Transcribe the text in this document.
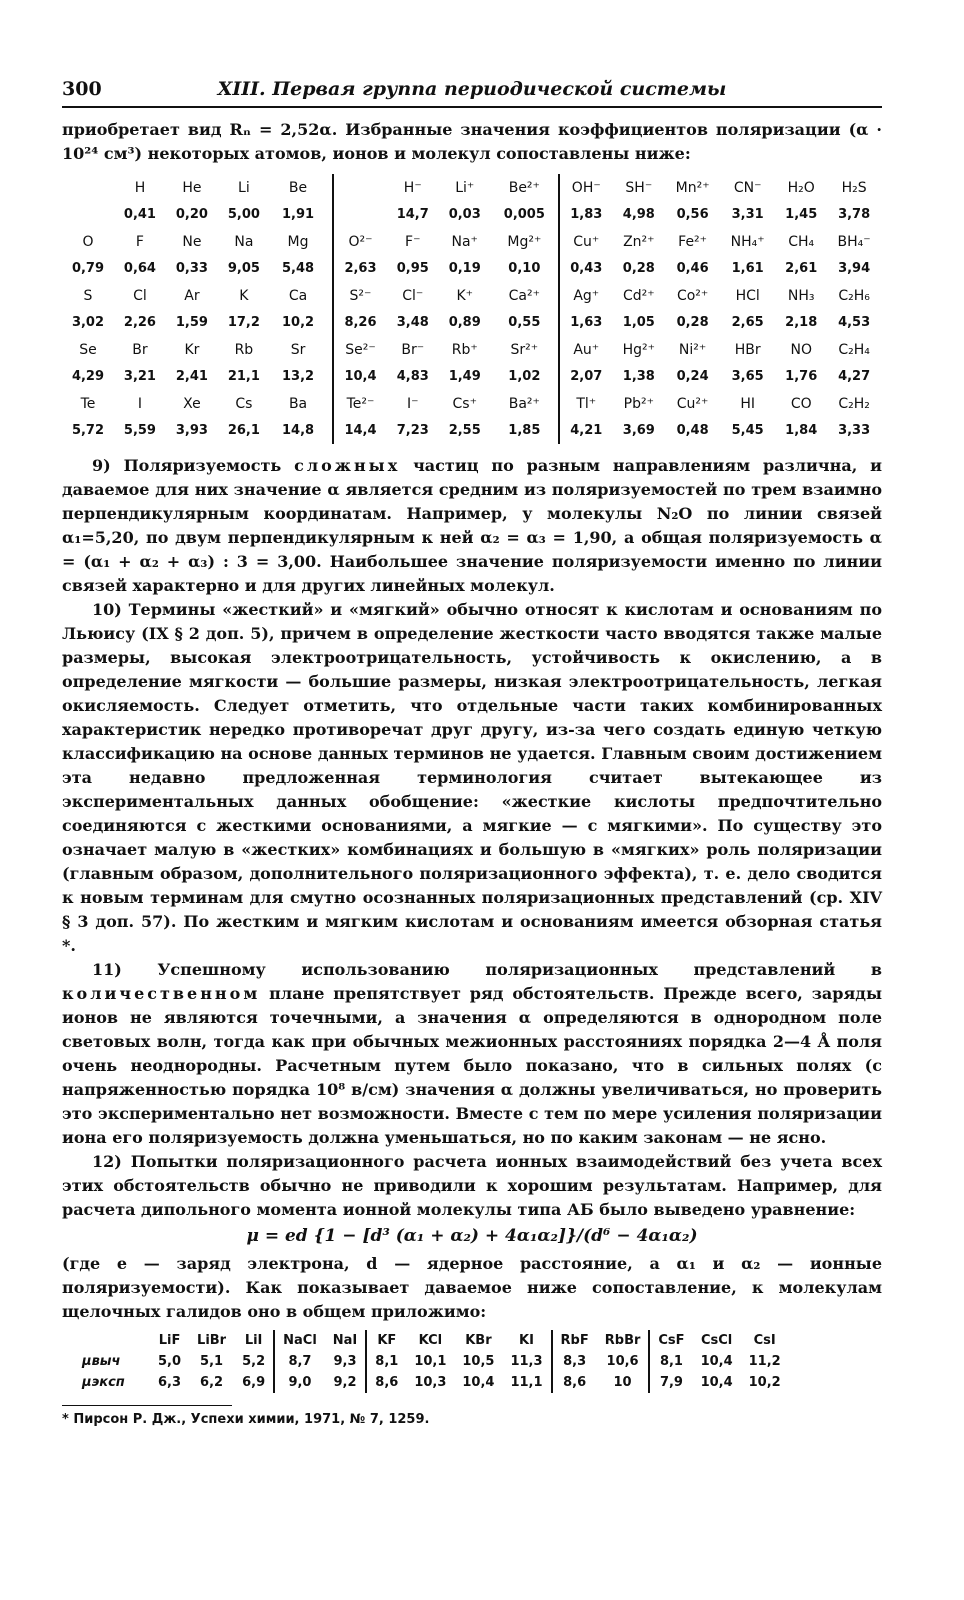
300	XIII. Первая группа периодической системы

приобретает вид Rₙ = 2,52α. Избранные значения коэффициентов поляризации (α · 10²⁴ см³) некоторых атомов, ионов и молекул сопоставлены ниже:

	H	He	Li	Be		H⁻	Li⁺	Be²⁺	OH⁻	SH⁻	Mn²⁺	CN⁻	H₂O	H₂S
	0,41	0,20	5,00	1,91		14,7	0,03	0,005	1,83	4,98	0,56	3,31	1,45	3,78
O	F	Ne	Na	Mg	O²⁻	F⁻	Na⁺	Mg²⁺	Cu⁺	Zn²⁺	Fe²⁺	NH₄⁺	CH₄	BH₄⁻
0,79	0,64	0,33	9,05	5,48	2,63	0,95	0,19	0,10	0,43	0,28	0,46	1,61	2,61	3,94
S	Cl	Ar	K	Ca	S²⁻	Cl⁻	K⁺	Ca²⁺	Ag⁺	Cd²⁺	Co²⁺	HCl	NH₃	C₂H₆
3,02	2,26	1,59	17,2	10,2	8,26	3,48	0,89	0,55	1,63	1,05	0,28	2,65	2,18	4,53
Se	Br	Kr	Rb	Sr	Se²⁻	Br⁻	Rb⁺	Sr²⁺	Au⁺	Hg²⁺	Ni²⁺	HBr	NO	C₂H₄
4,29	3,21	2,41	21,1	13,2	10,4	4,83	1,49	1,02	2,07	1,38	0,24	3,65	1,76	4,27
Te	I	Xe	Cs	Ba	Te²⁻	I⁻	Cs⁺	Ba²⁺	Tl⁺	Pb²⁺	Cu²⁺	HI	CO	C₂H₂
5,72	5,59	3,93	26,1	14,8	14,4	7,23	2,55	1,85	4,21	3,69	0,48	5,45	1,84	3,33

9) Поляризуемость сложных частиц по разным направлениям различна, и даваемое для них значение α является средним из поляризуемостей по трем взаимно перпендикулярным координатам. Например, у молекулы N₂O по линии связей α₁=5,20, по двум перпендикулярным к ней α₂ = α₃ = 1,90, а общая поляризуемость α = (α₁ + α₂ + α₃) : 3 = 3,00. Наибольшее значение поляризуемости именно по линии связей характерно и для других линейных молекул.

10) Термины «жесткий» и «мягкий» обычно относят к кислотам и основаниям по Льюису (IX § 2 доп. 5), причем в определение жесткости часто вводятся также малые размеры, высокая электроотрицательность, устойчивость к окислению, а в определение мягкости — большие размеры, низкая электроотрицательность, легкая окисляемость. Следует отметить, что отдельные части таких комбинированных характеристик нередко противоречат друг другу, из-за чего создать единую четкую классификацию на основе данных терминов не удается. Главным своим достижением эта недавно предложенная терминология считает вытекающее из экспериментальных данных обобщение: «жесткие кислоты предпочтительно соединяются с жесткими основаниями, а мягкие — с мягкими». По существу это означает малую в «жестких» комбинациях и большую в «мягких» роль поляризации (главным образом, дополнительного поляризационного эффекта), т. е. дело сводится к новым терминам для смутно осознанных поляризационных представлений (ср. XIV § 3 доп. 57). По жестким и мягким кислотам и основаниям имеется обзорная статья *.

11) Успешному использованию поляризационных представлений в количественном плане препятствует ряд обстоятельств. Прежде всего, заряды ионов не являются точечными, а значения α определяются в однородном поле световых волн, тогда как при обычных межионных расстояниях порядка 2—4 Å поля очень неоднородны. Расчетным путем было показано, что в сильных полях (с напряженностью порядка 10⁸ в/см) значения α должны увеличиваться, но проверить это экспериментально нет возможности. Вместе с тем по мере усиления поляризации иона его поляризуемость должна уменьшаться, но по каким законам — не ясно.

12) Попытки поляризационного расчета ионных взаимодействий без учета всех этих обстоятельств обычно не приводили к хорошим результатам. Например, для расчета дипольного момента ионной молекулы типа АБ было выведено уравнение:

μ = ed {1 − [d³ (α₁ + α₂) + 4α₁α₂]}/(d⁶ − 4α₁α₂)

(где e — заряд электрона, d — ядерное расстояние, а α₁ и α₂ — ионные поляризуемости). Как показывает даваемое ниже сопоставление, к молекулам щелочных галидов оно в общем приложимо:

	LiF	LiBr	LiI	NaCl	NaI	KF	KCl	KBr	KI	RbF	RbBr	CsF	CsCl	CsI
μвыч	5,0	5,1	5,2	8,7	9,3	8,1	10,1	10,5	11,3	8,3	10,6	8,1	10,4	11,2
μэксп	6,3	6,2	6,9	9,0	9,2	8,6	10,3	10,4	11,1	8,6	10	7,9	10,4	10,2
* Пирсон Р. Дж., Успехи химии, 1971, № 7, 1259.
